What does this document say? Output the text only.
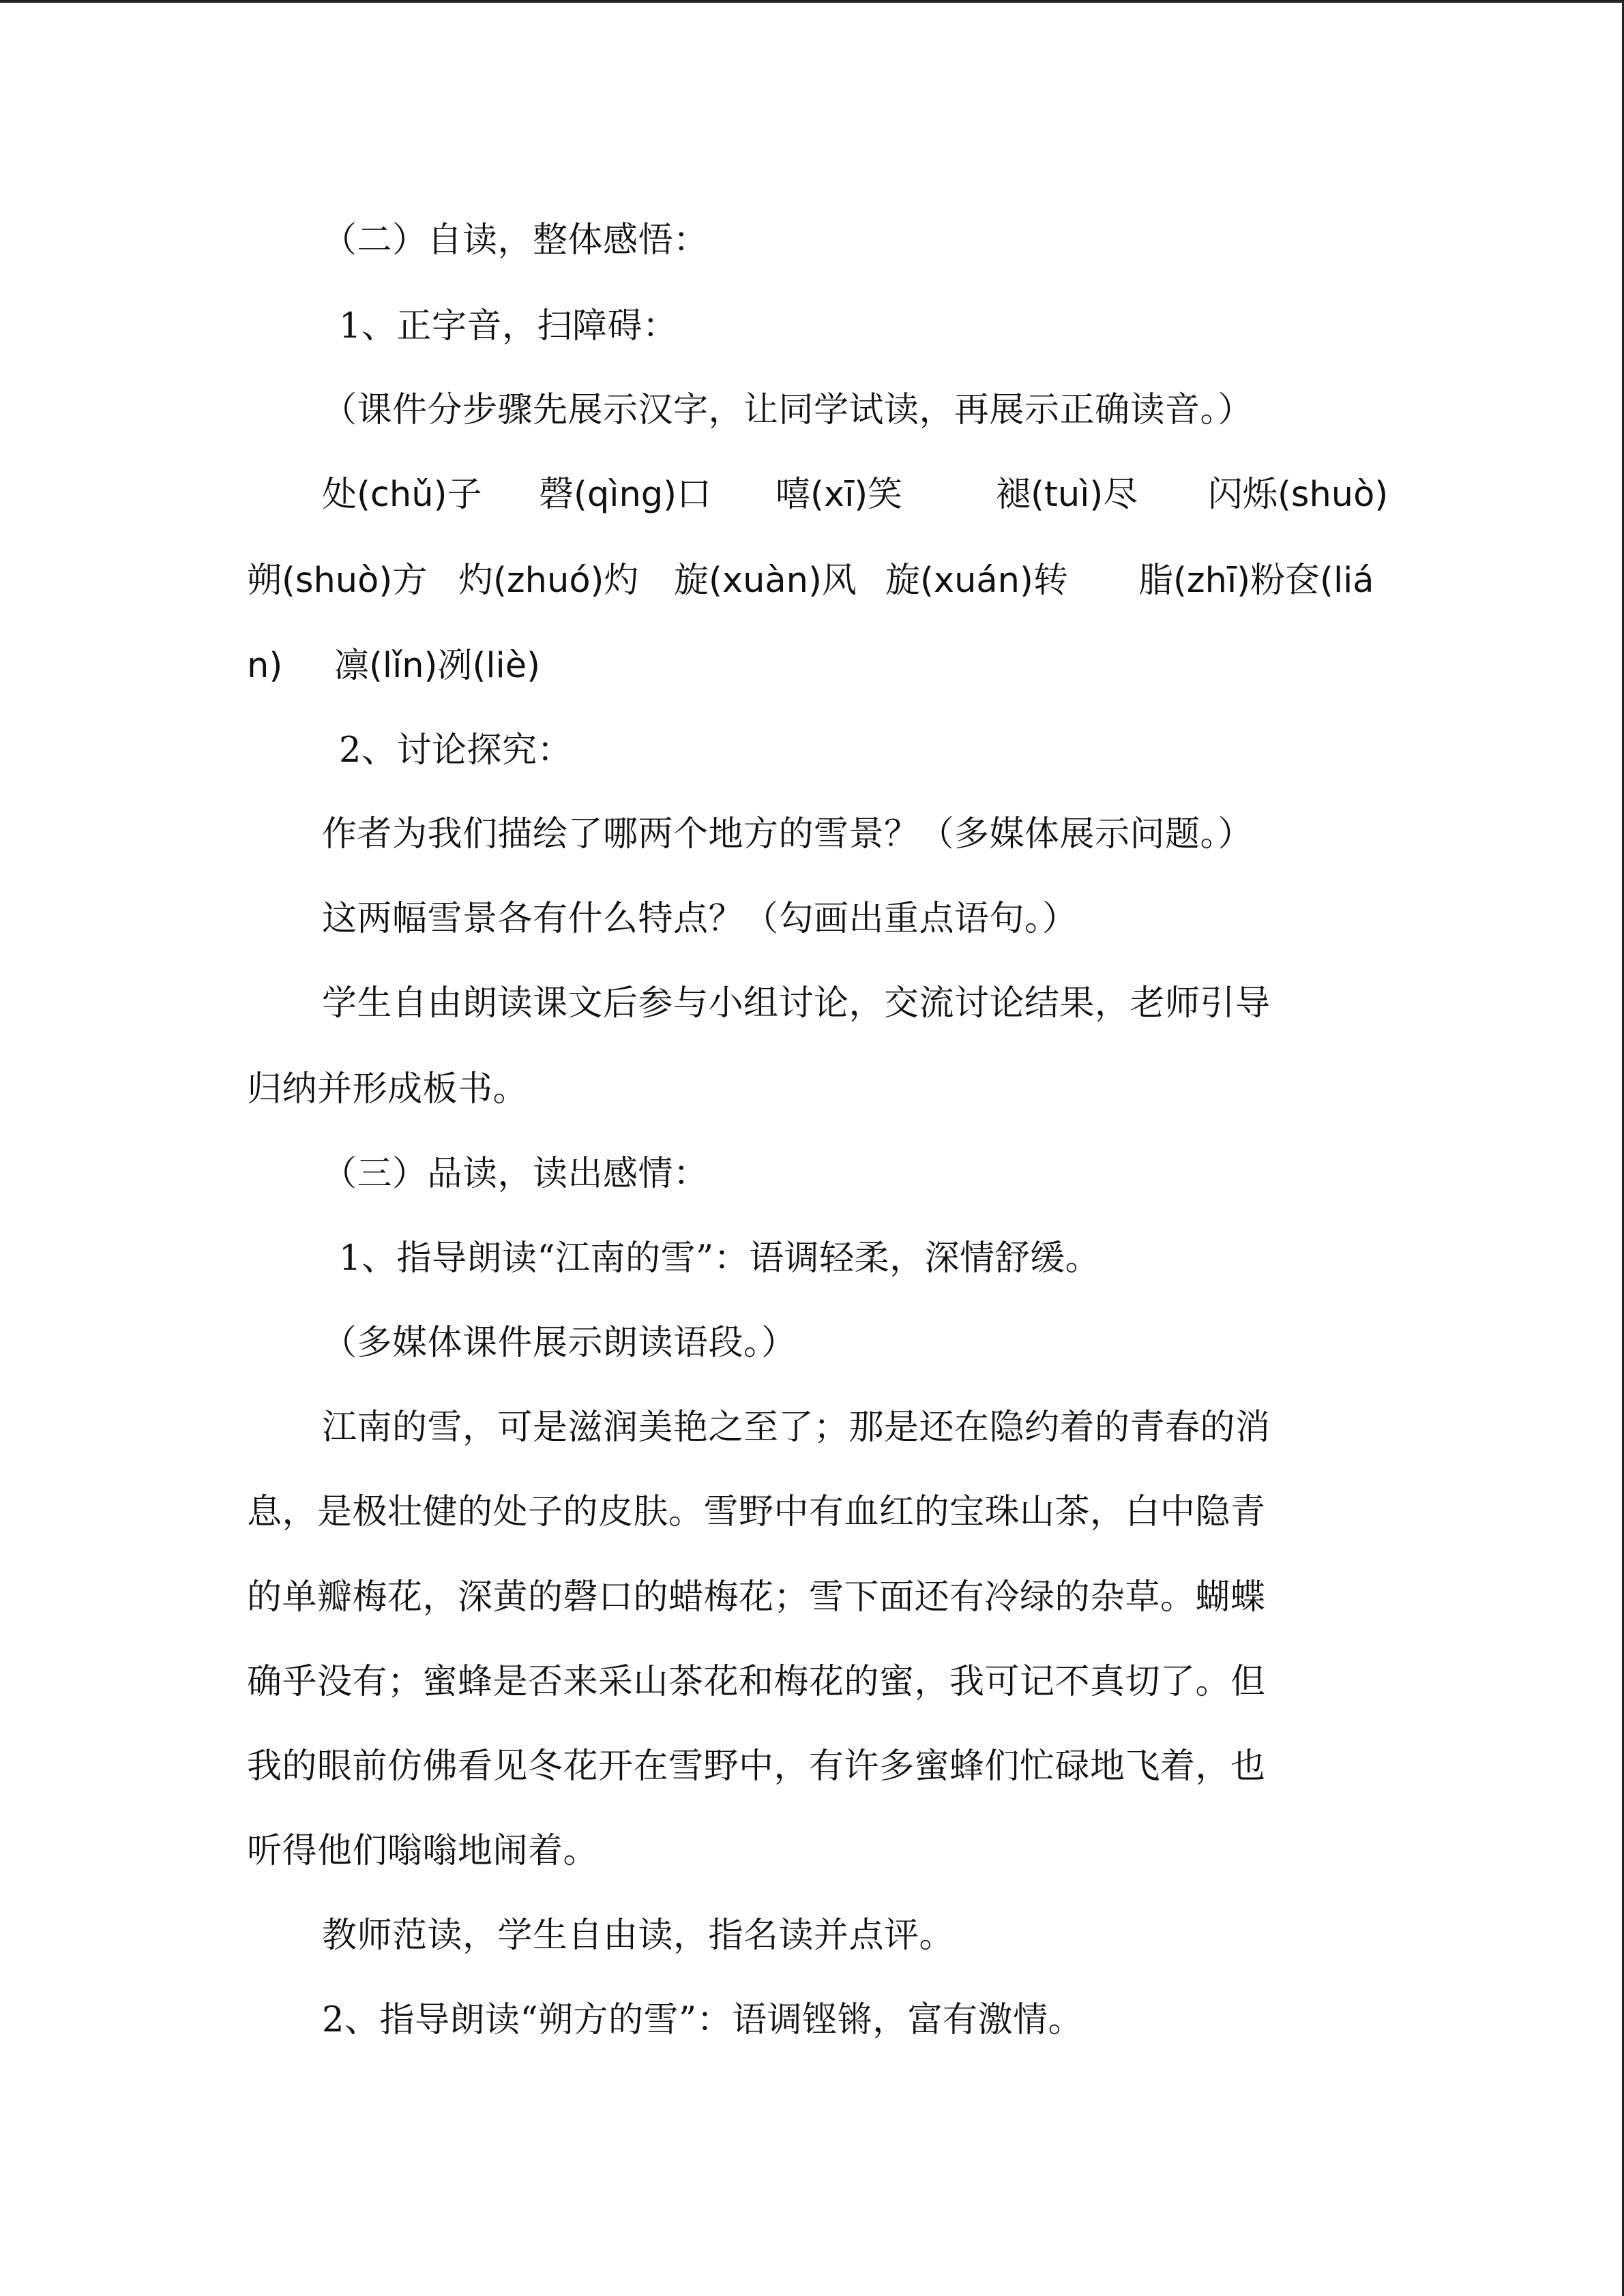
（二）自读，整体感悟：
1、正字音，扫障碍：
（课件分步骤先展示汉字，让同学试读，再展示正确读音。）
处(chǔ)子 磬(qìng)口 嘻(xī)笑	褪(tuì)尽 闪烁(shuò)
朔(shuò)方 灼(zhuó)灼 旋(xuàn)风 旋(xuán)转 脂(zhī)粉奁(liá
n) 凛(lǐn)冽(liè)
2、讨论探究：
作者为我们描绘了哪两个地方的雪景？（多媒体展示问题。）
这两幅雪景各有什么特点？（勾画出重点语句。）
学生自由朗读课文后参与小组讨论，交流讨论结果，老师引导
归纳并形成板书。
（三）品读，读出感情：
1、指导朗读“江南的雪”：语调轻柔，深情舒缓。
（多媒体课件展示朗读语段。）
江南的雪，可是滋润美艳之至了；那是还在隐约着的青春的消
息，是极壮健的处子的皮肤。雪野中有血红的宝珠山茶，白中隐青
的单瓣梅花，深黄的磬口的蜡梅花；雪下面还有冷绿的杂草。蝴蝶
确乎没有；蜜蜂是否来采山茶花和梅花的蜜，我可记不真切了。但
我的眼前仿佛看见冬花开在雪野中，有许多蜜蜂们忙碌地飞着，也
听得他们嗡嗡地闹着。
教师范读，学生自由读，指名读并点评。
2、指导朗读“朔方的雪”：语调铿锵，富有激情。
